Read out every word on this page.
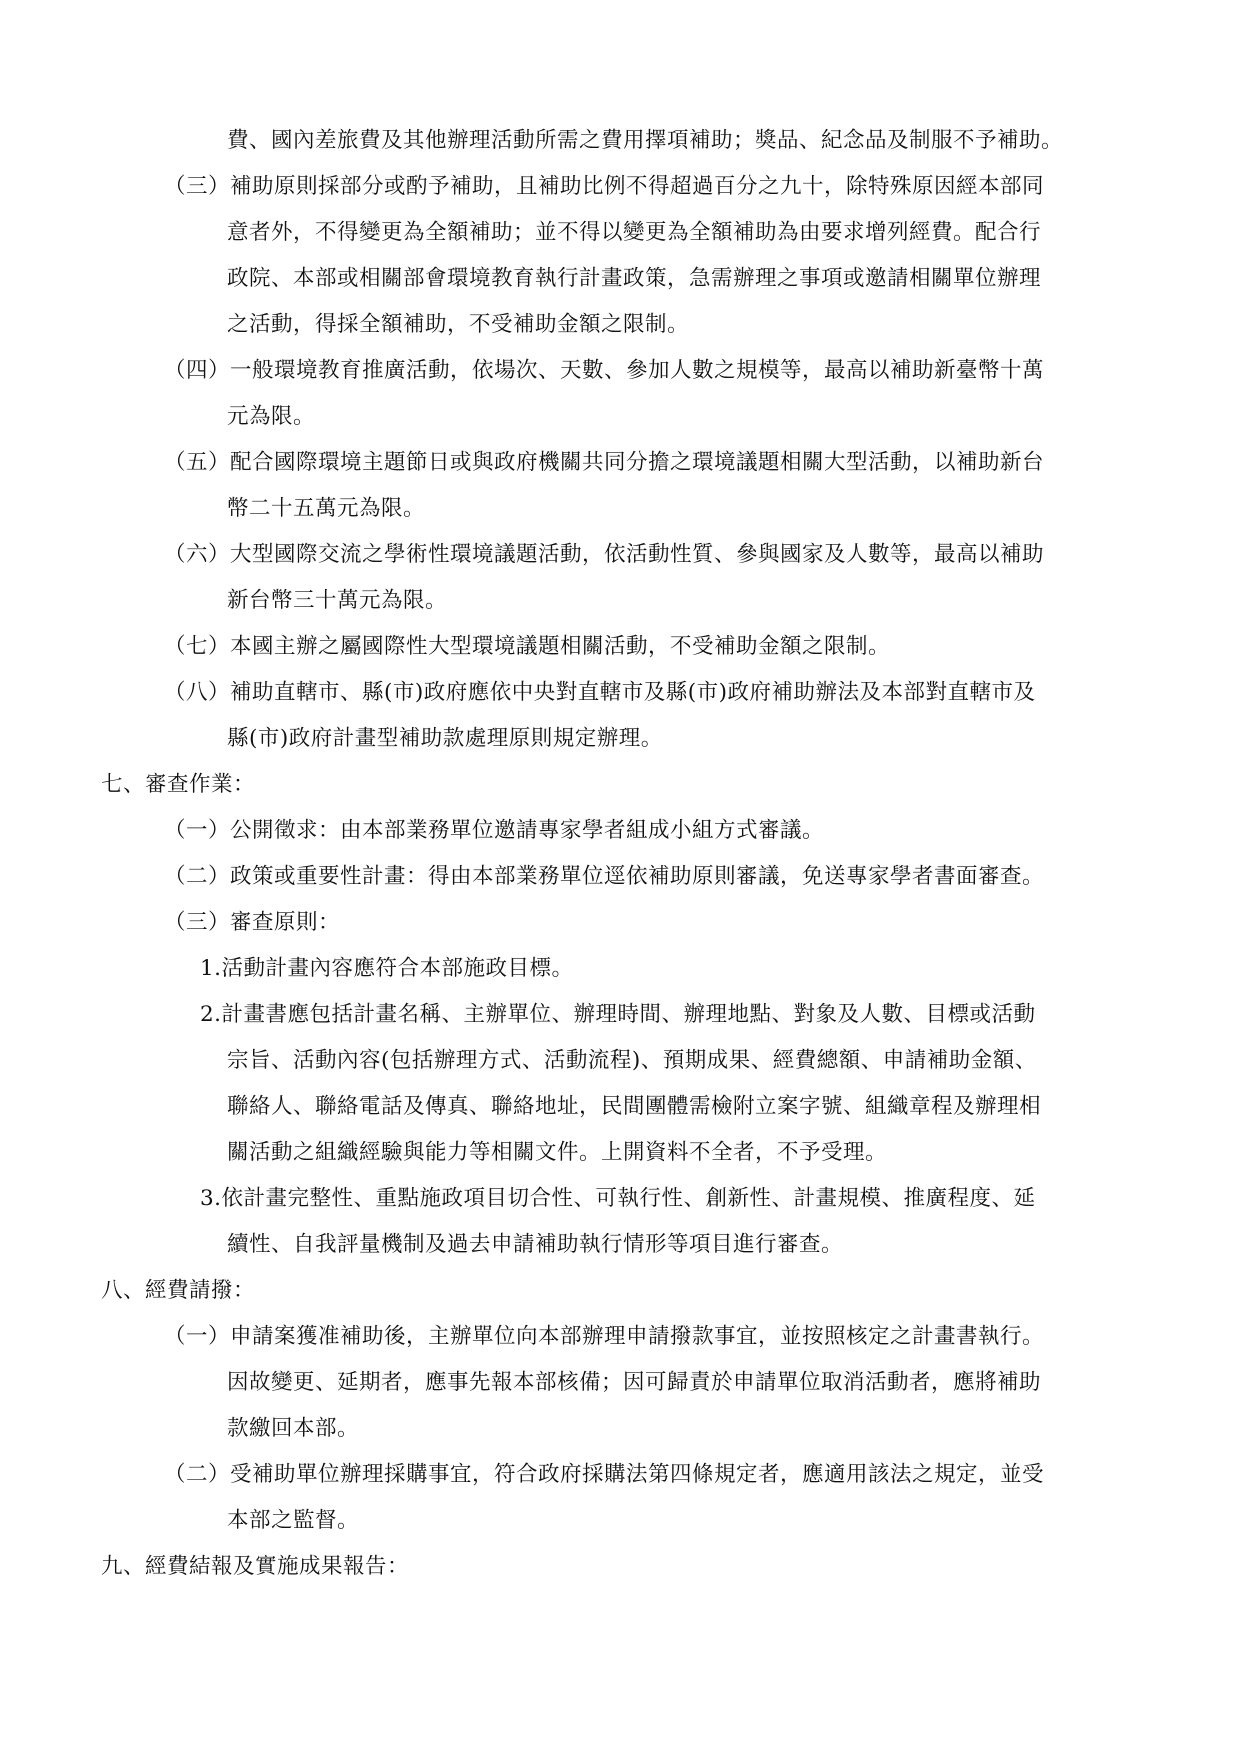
費、國內差旅費及其他辦理活動所需之費用擇項補助；獎品、紀念品及制服不予補助。
（三）補助原則採部分或酌予補助，且補助比例不得超過百分之九十，除特殊原因經本部同
意者外，不得變更為全額補助；並不得以變更為全額補助為由要求增列經費。配合行
政院、本部或相關部會環境教育執行計畫政策，急需辦理之事項或邀請相關單位辦理
之活動，得採全額補助，不受補助金額之限制。
（四）一般環境教育推廣活動，依場次、天數、參加人數之規模等，最高以補助新臺幣十萬
元為限。
（五）配合國際環境主題節日或與政府機關共同分擔之環境議題相關大型活動，以補助新台
幣二十五萬元為限。
（六）大型國際交流之學術性環境議題活動，依活動性質、參與國家及人數等，最高以補助
新台幣三十萬元為限。
（七）本國主辦之屬國際性大型環境議題相關活動，不受補助金額之限制。
（八）補助直轄市、縣(市)政府應依中央對直轄市及縣(市)政府補助辦法及本部對直轄市及
縣(市)政府計畫型補助款處理原則規定辦理。
七、審查作業：
（一）公開徵求：由本部業務單位邀請專家學者組成小組方式審議。
（二）政策或重要性計畫：得由本部業務單位逕依補助原則審議，免送專家學者書面審查。
（三）審查原則：
1.活動計畫內容應符合本部施政目標。
2.計畫書應包括計畫名稱、主辦單位、辦理時間、辦理地點、對象及人數、目標或活動
宗旨、活動內容(包括辦理方式、活動流程)、預期成果、經費總額、申請補助金額、
聯絡人、聯絡電話及傳真、聯絡地址，民間團體需檢附立案字號、組織章程及辦理相
關活動之組織經驗與能力等相關文件。上開資料不全者，不予受理。
3.依計畫完整性、重點施政項目切合性、可執行性、創新性、計畫規模、推廣程度、延
續性、自我評量機制及過去申請補助執行情形等項目進行審查。
八、經費請撥：
（一）申請案獲准補助後，主辦單位向本部辦理申請撥款事宜，並按照核定之計畫書執行。
因故變更、延期者，應事先報本部核備；因可歸責於申請單位取消活動者，應將補助
款繳回本部。
（二）受補助單位辦理採購事宜，符合政府採購法第四條規定者，應適用該法之規定，並受
本部之監督。
九、經費結報及實施成果報告：
